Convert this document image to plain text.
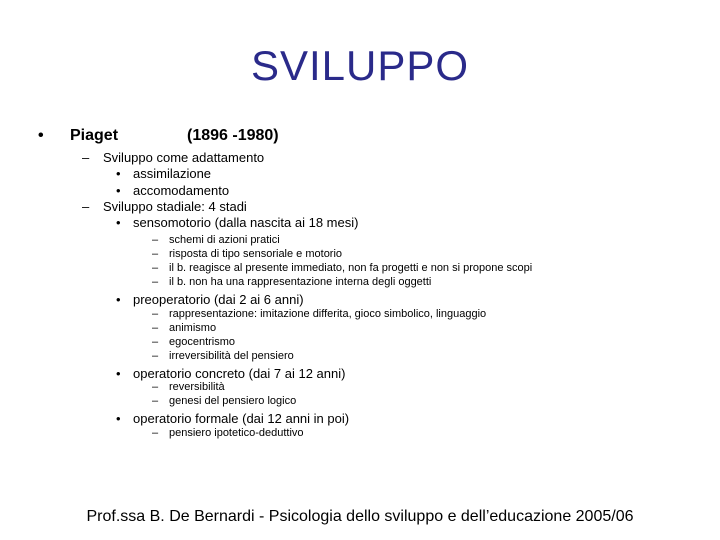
SVILUPPO
• Piaget	(1896 -1980)
– Sviluppo come adattamento
• assimilazione
• accomodamento
– Sviluppo stadiale: 4 stadi
• sensomotorio (dalla nascita ai 18 mesi)
– schemi di azioni pratici
– risposta di tipo sensoriale e motorio
– il b. reagisce al presente immediato, non fa progetti e non si propone scopi
– il b. non ha una rappresentazione interna degli oggetti
• preoperatorio (dai 2 ai 6 anni)
– rappresentazione: imitazione differita, gioco simbolico, linguaggio
– animismo
– egocentrismo
– irreversibilità del pensiero
• operatorio concreto (dai 7 ai 12 anni)
– reversibilità
– genesi del pensiero logico
• operatorio formale (dai 12 anni in poi)
– pensiero ipotetico-deduttivo
Prof.ssa B. De Bernardi - Psicologia dello sviluppo e dell’educazione 2005/06
